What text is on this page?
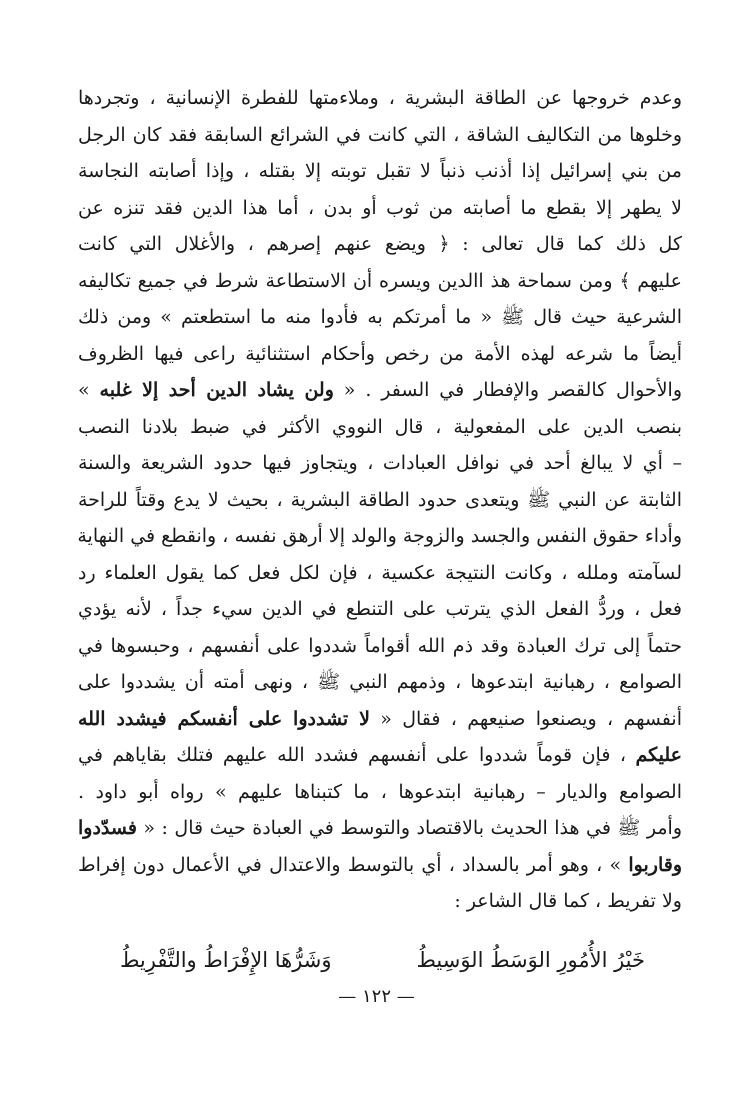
وعدم خروجها عن الطاقة البشرية ، وملاءمتها للفطرة الإنسانية ، وتجردها
وخلوها من التكاليف الشاقة ، التي كانت في الشرائع السابقة فقد كان الرجل
من بني إسرائيل إذا أذنب ذنباً لا تقبل توبته إلا بقتله ، وإذا أصابته النجاسة
لا يطهر إلا بقطع ما أصابته من ثوب أو بدن ، أما هذا الدين فقد تنزه عن
كل ذلك كما قال تعالى : ﴿ ويضع عنهم إصرهم ، والأغلال التي كانت
عليهم ﴾ ومن سماحة هذ االدين ويسره أن الاستطاعة شرط في جميع تكاليفه
الشرعية حيث قال ﷺ « ما أمرتكم به فأدوا منه ما استطعتم » ومن ذلك
أيضاً ما شرعه لهذه الأمة من رخص وأحكام استثنائية راعى فيها الظروف
والأحوال كالقصر والإفطار في السفر . « ولن يشاد الدين أحد إلا غلبه »
بنصب الدين على المفعولية ، قال النووي الأكثر في ضبط بلادنا النصب
– أي لا يبالغ أحد في نوافل العبادات ، ويتجاوز فيها حدود الشريعة والسنة
الثابتة عن النبي ﷺ ويتعدى حدود الطاقة البشرية ، بحيث لا يدع وقتاً للراحة
وأداء حقوق النفس والجسد والزوجة والولد إلا أرهق نفسه ، وانقطع في النهاية
لسآمته وملله ، وكانت النتيجة عكسية ، فإن لكل فعل كما يقول العلماء رد
فعل ، وردُّ الفعل الذي يترتب على التنطع في الدين سيء جداً ، لأنه يؤدي
حتماً إلى ترك العبادة وقد ذم الله أقواماً شددوا على أنفسهم ، وحبسوها في
الصوامع ، رهبانية ابتدعوها ، وذمهم النبي ﷺ ، ونهى أمته أن يشددوا على
أنفسهم ، ويصنعوا صنيعهم ، فقال « لا تشددوا على أنفسكم فيشدد الله
عليكم ، فإن قوماً شددوا على أنفسهم فشدد الله عليهم فتلك بقاياهم في
الصوامع والديار – رهبانية ابتدعوها ، ما كتبناها عليهم » رواه أبو داود .
وأمر ﷺ في هذا الحديث بالاقتصاد والتوسط في العبادة حيث قال : « فسدّدوا
وقاربوا » ، وهو أمر بالسداد ، أي بالتوسط والاعتدال في الأعمال دون إفراط
ولا تفريط ، كما قال الشاعر :
خَيْرُ الأُمُورِ الوَسَطُ الوَسِيطُ
وَشَرُّهَا الإِفْرَاطُ والتَّفْرِيطُ
— ١٢٢ —
